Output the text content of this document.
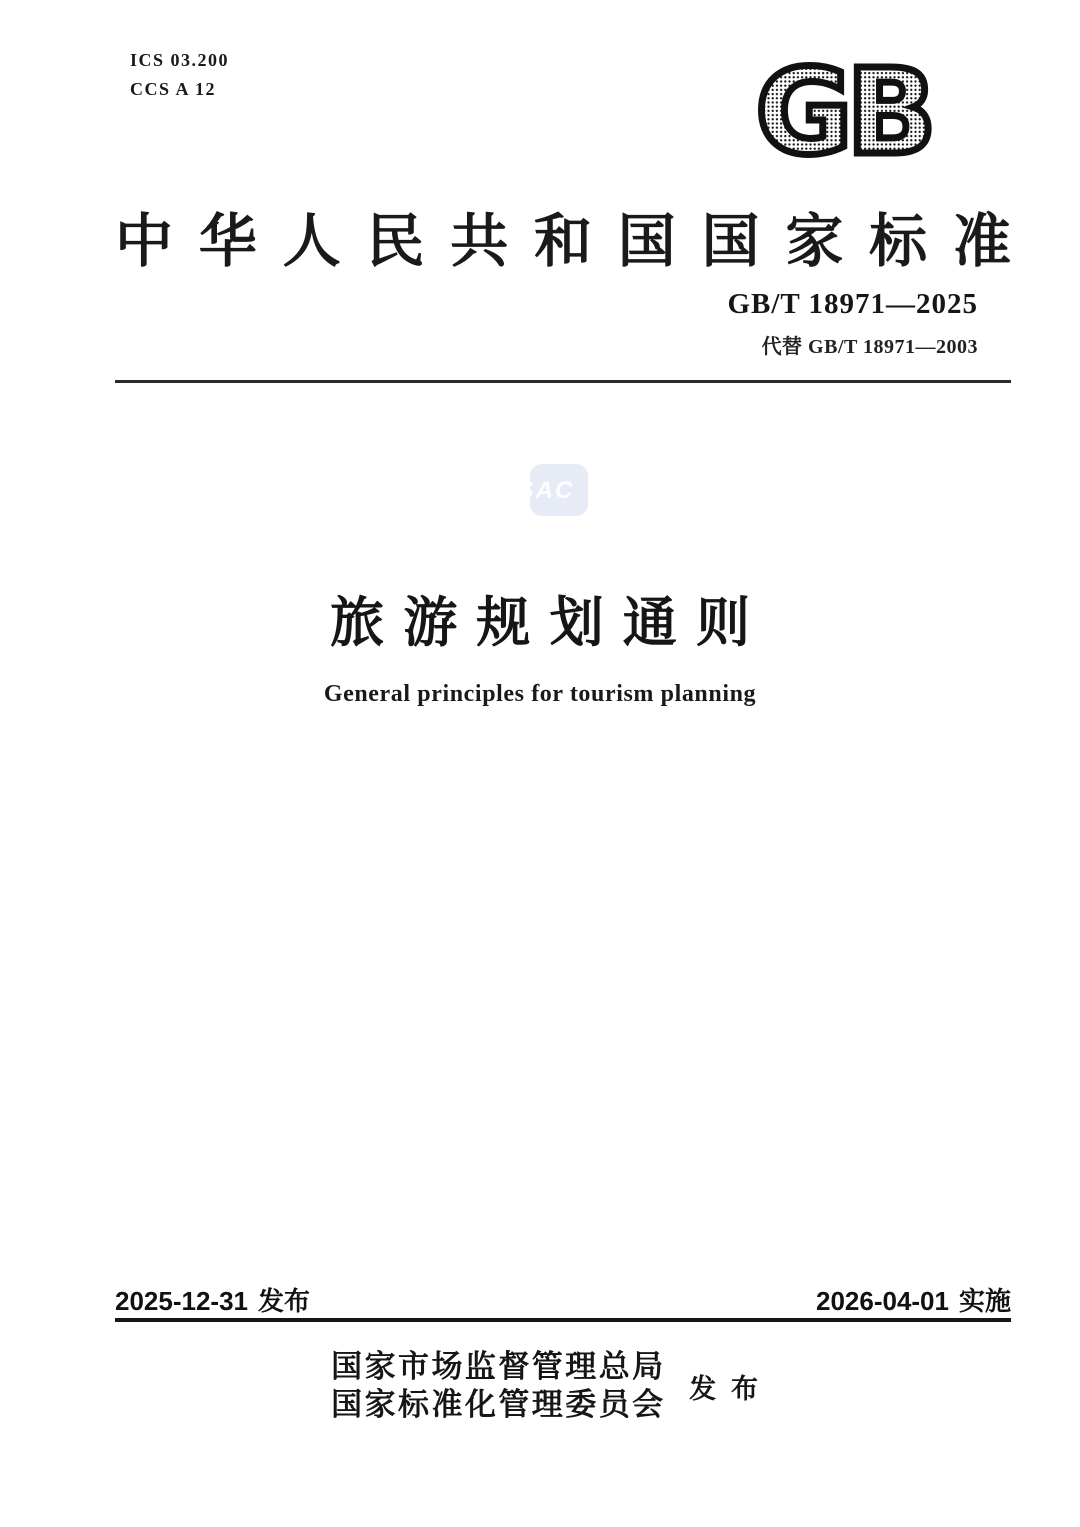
ICS 03.200
CCS A 12	GB
中华人民共和国国家标准
GB/T 18971—2025
代替 GB/T 18971—2003
SAC
旅游规划通则
General principles for tourism planning
2025-12-31 发布	2026-04-01 实施
国家市场监督管理总局
国家标准化管理委员会 发布
